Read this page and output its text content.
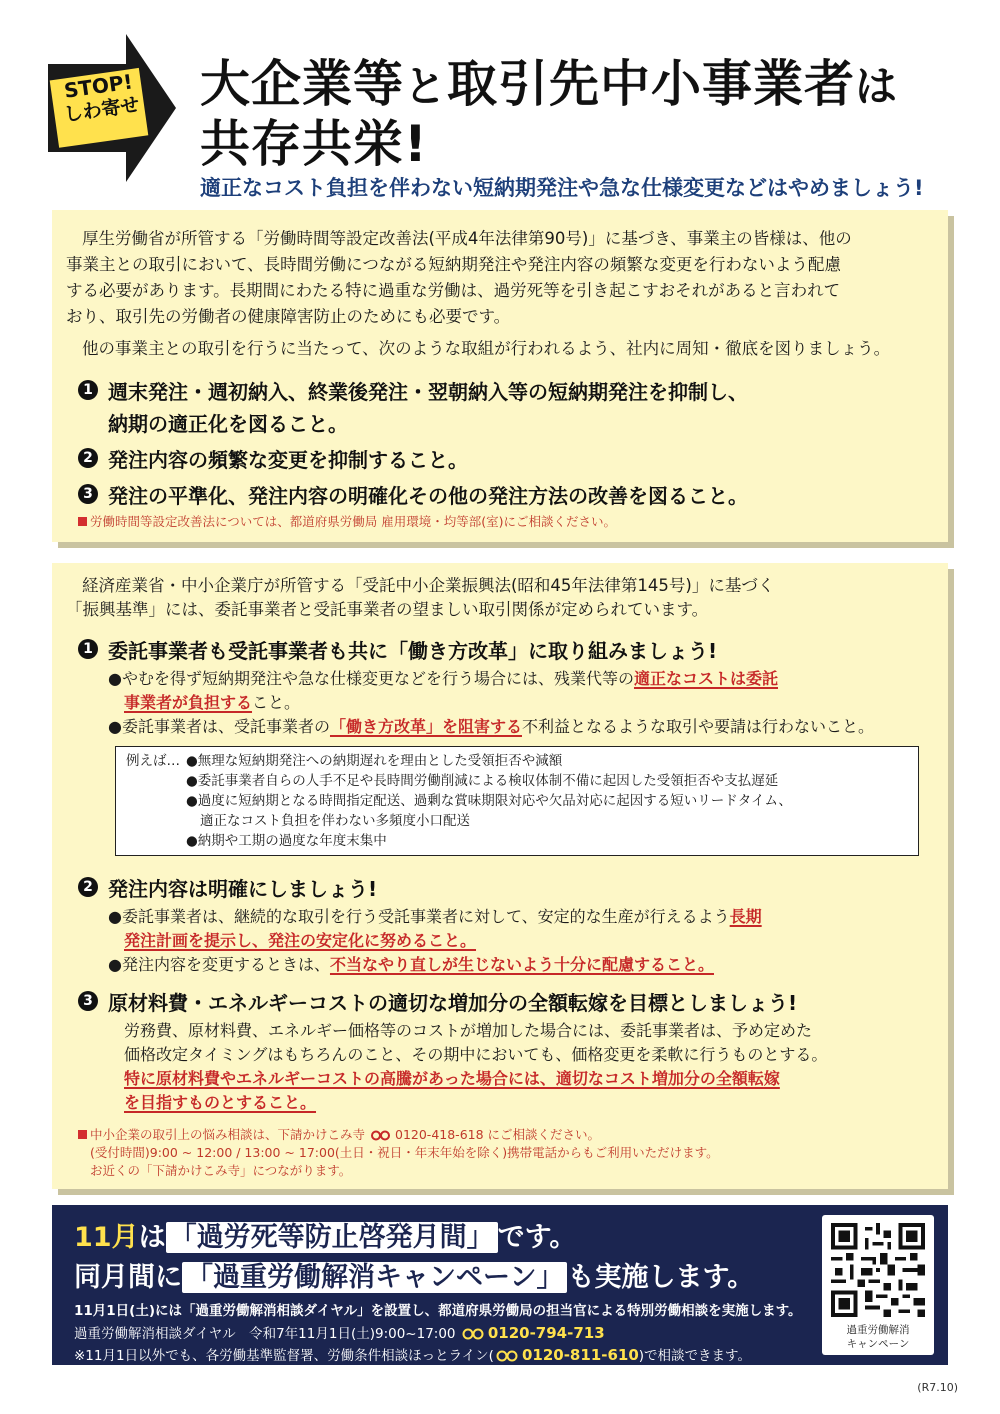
STOP!
しわ寄せ 大企業等と取引先中小事業者は
共存共栄!
適正なコスト負担を伴わない短納期発注や急な仕様変更などはやめましょう!
厚生労働省が所管する「労働時間等設定改善法(平成4年法律第90号)」に基づき、事業主の皆様は、他の
事業主との取引において、長時間労働につながる短納期発注や発注内容の頻繁な変更を行わないよう配慮
する必要があります。長期間にわたる特に過重な労働は、過労死等を引き起こすおそれがあると言われて
おり、取引先の労働者の健康障害防止のためにも必要です。
他の事業主との取引を行うに当たって、次のような取組が行われるよう、社内に周知・徹底を図りましょう。
1 週末発注・週初納入、終業後発注・翌朝納入等の短納期発注を抑制し、
納期の適正化を図ること。
2 発注内容の頻繁な変更を抑制すること。
3 発注の平準化、発注内容の明確化その他の発注方法の改善を図ること。
労働時間等設定改善法については、都道府県労働局 雇用環境・均等部(室)にご相談ください。
経済産業省・中小企業庁が所管する「受託中小企業振興法(昭和45年法律第145号)」に基づく
「振興基準」には、委託事業者と受託事業者の望ましい取引関係が定められています。
1 委託事業者も受託事業者も共に「働き方改革」に取り組みましょう!
●やむを得ず短納期発注や急な仕様変更などを行う場合には、残業代等の適正なコストは委託
事業者が負担すること。
●委託事業者は、受託事業者の「働き方改革」を阻害する不利益となるような取引や要請は行わないこと。
例えば… ●無理な短納期発注への納期遅れを理由とした受領拒否や減額
●委託事業者自らの人手不足や長時間労働削減による検収体制不備に起因した受領拒否や支払遅延
●過度に短納期となる時間指定配送、過剰な賞味期限対応や欠品対応に起因する短いリードタイム、
適正なコスト負担を伴わない多頻度小口配送
●納期や工期の過度な年度末集中
2 発注内容は明確にしましょう!
●委託事業者は、継続的な取引を行う受託事業者に対して、安定的な生産が行えるよう長期
発注計画を提示し、発注の安定化に努めること。
●発注内容を変更するときは、不当なやり直しが生じないよう十分に配慮すること。
3 原材料費・エネルギーコストの適切な増加分の全額転嫁を目標としましょう!
労務費、原材料費、エネルギー価格等のコストが増加した場合には、委託事業者は、予め定めた
価格改定タイミングはもちろんのこと、その期中においても、価格変更を柔軟に行うものとする。
特に原材料費やエネルギーコストの高騰があった場合には、適切なコスト増加分の全額転嫁
を目指すものとすること。
中小企業の取引上の悩み相談は、下請かけこみ寺 0120-418-618 にご相談ください。
(受付時間)9:00 ~ 12:00 / 13:00 ~ 17:00(土日・祝日・年末年始を除く)携帯電話からもご利用いただけます。
お近くの「下請かけこみ寺」につながります。
11月は 「過労死等防止啓発月間」 です。
同月間に 「過重労働解消キャンペーン」 も実施します。
11月1日(土)には「過重労働解消相談ダイヤル」を設置し、都道府県労働局の担当官による特別労働相談を実施します。
過重労働解消相談ダイヤル　令和7年11月1日(土)9:00~17:00 0120-794-713
※11月1日以外でも、各労働基準監督署、労働条件相談ほっとライン( 0120-811-610)で相談できます。
過重労働解消
キャンペーン
(R7.10)
